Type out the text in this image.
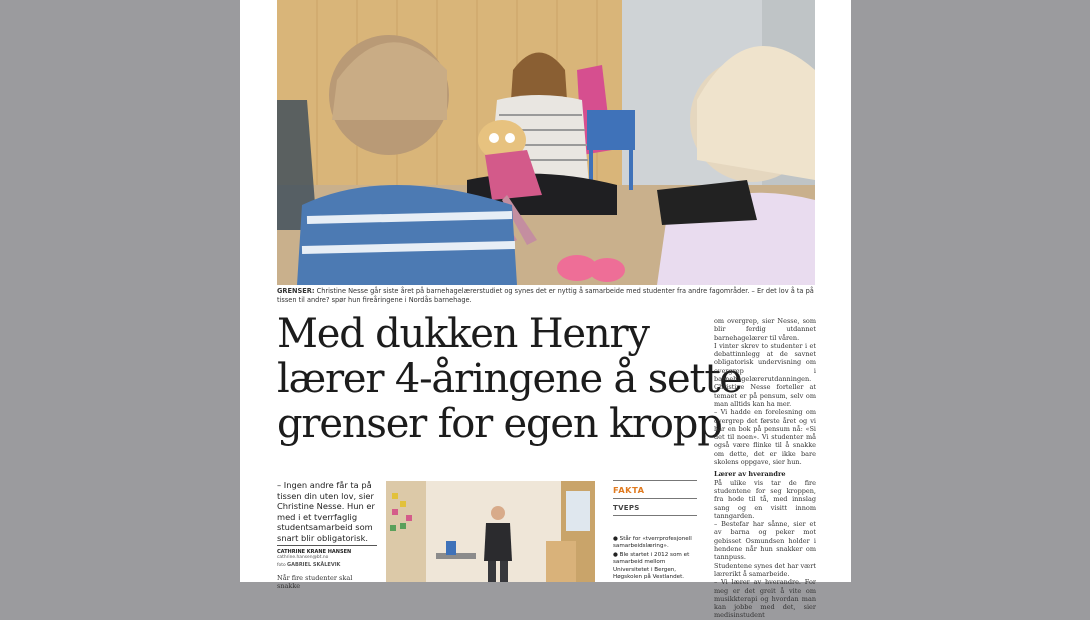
GRENSER: Christine Nesse går siste året på barnehagelærerstudiet og synes det er nyttig å samarbeide med studenter fra andre fagområder. – Er det lov å ta på tissen til andre? spør hun fireåringene i Nordås barnehage.
Med dukken Henry
lærer 4-åringene å sette
grenser for egen kropp

om overgrep, sier Nesse, som blir ferdig utdannet barnehagelærer til våren.

I vinter skrev to studenter i et debattinnlegg at de savnet obligatorisk undervisning om overgrep i barnehagelærerutdanningen. Christine Nesse forteller at temaet er på pensum, selv om man alltids kan ha mer.

– Vi hadde en forelesning om overgrep det første året og vi har en bok på pensum nå: «Si det til noen». Vi studenter må også være flinke til å snakke om dette, det er ikke bare skolens oppgave, sier hun.

Lærer av hverandre

På ulike vis tar de fire studentene for seg kroppen, fra hode til tå, med innslag sang og en visitt innom tanngarden.

– Bestefar har sånne, sier et av barna og peker mot gebisset Osmundsen holder i hendene når hun snakker om tannpuss.

Studentene synes det har vært lærerikt å samarbeide.

– Vi lærer av hverandre. For meg er det greit å vite om musikkterapi og hvordan man kan jobbe med det, sier medisinstudent

– Ingen andre får ta på tissen din uten lov, sier Christine Nesse. Hun er med i et tverrfaglig studentsamarbeid som snart blir obligatorisk.
CATHRINE KRANE HANSEN
cathrine.hansen@bt.no
foto GABRIEL SKÅLEVIK
Når fire studenter skal snakke
FAKTA
TVEPS

● Står for «tverrprofesjonell samarbeidslæring».

● Ble startet i 2012 som et samarbeid mellom Universitetet i Bergen, Høgskolen på Vestlandet.
